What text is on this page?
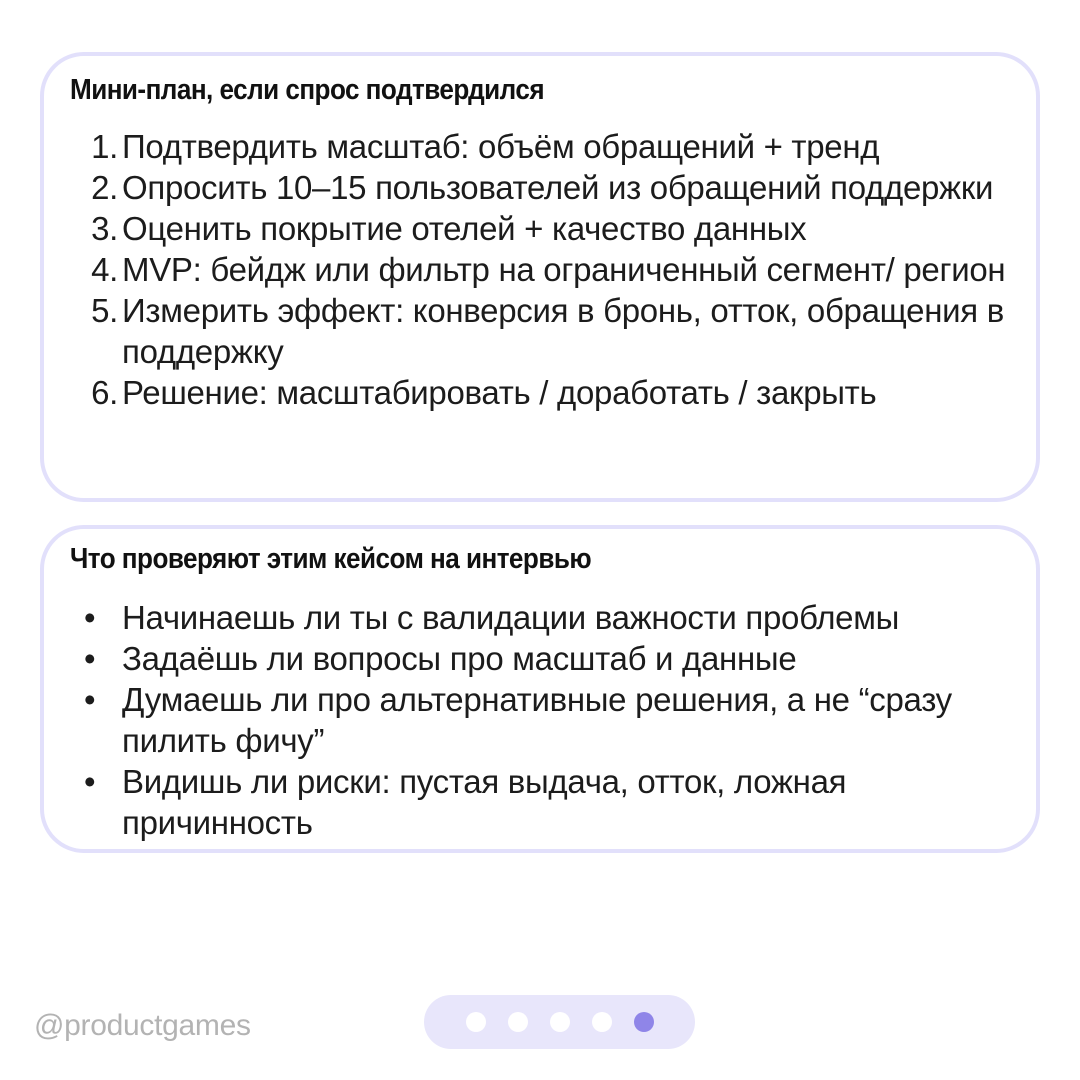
Мини-план, если спрос подтвердился
1. Подтвердить масштаб: объём обращений + тренд
2. Опросить 10–15 пользователей из обращений поддержки
3. Оценить покрытие отелей + качество данных
4. MVP: бейдж или фильтр на ограниченный сегмент/ регион
5. Измерить эффект: конверсия в бронь, отток, обращения в поддержку
6. Решение: масштабировать / доработать / закрыть
Что проверяют этим кейсом на интервью
• Начинаешь ли ты с валидации важности проблемы
• Задаёшь ли вопросы про масштаб и данные
• Думаешь ли про альтернативные решения, а не “сразу пилить фичу”
• Видишь ли риски: пустая выдача, отток, ложная причинность
@productgames
